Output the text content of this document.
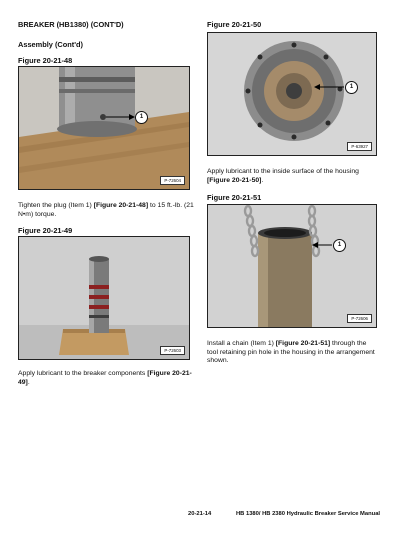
BREAKER (HB1380) (CONT'D)
Assembly (Cont'd)
Figure 20-21-48
1
P-72604
Tighten the plug (Item 1) [Figure 20-21-48] to 15 ft.-lb. (21 N•m) torque.
Figure 20-21-49
P-72603
Apply lubricant to the breaker components [Figure 20-21-49].
Figure 20-21-50
1
P-63927
Apply lubricant to the inside surface of the housing [Figure 20-21-50].
Figure 20-21-51
1
P-72606
Install a chain (Item 1) [Figure 20-21-51] through the tool retaining pin hole in the housing in the arrangement shown.
20-21-14	HB 1380/ HB 2380 Hydraulic Breaker Service Manual
